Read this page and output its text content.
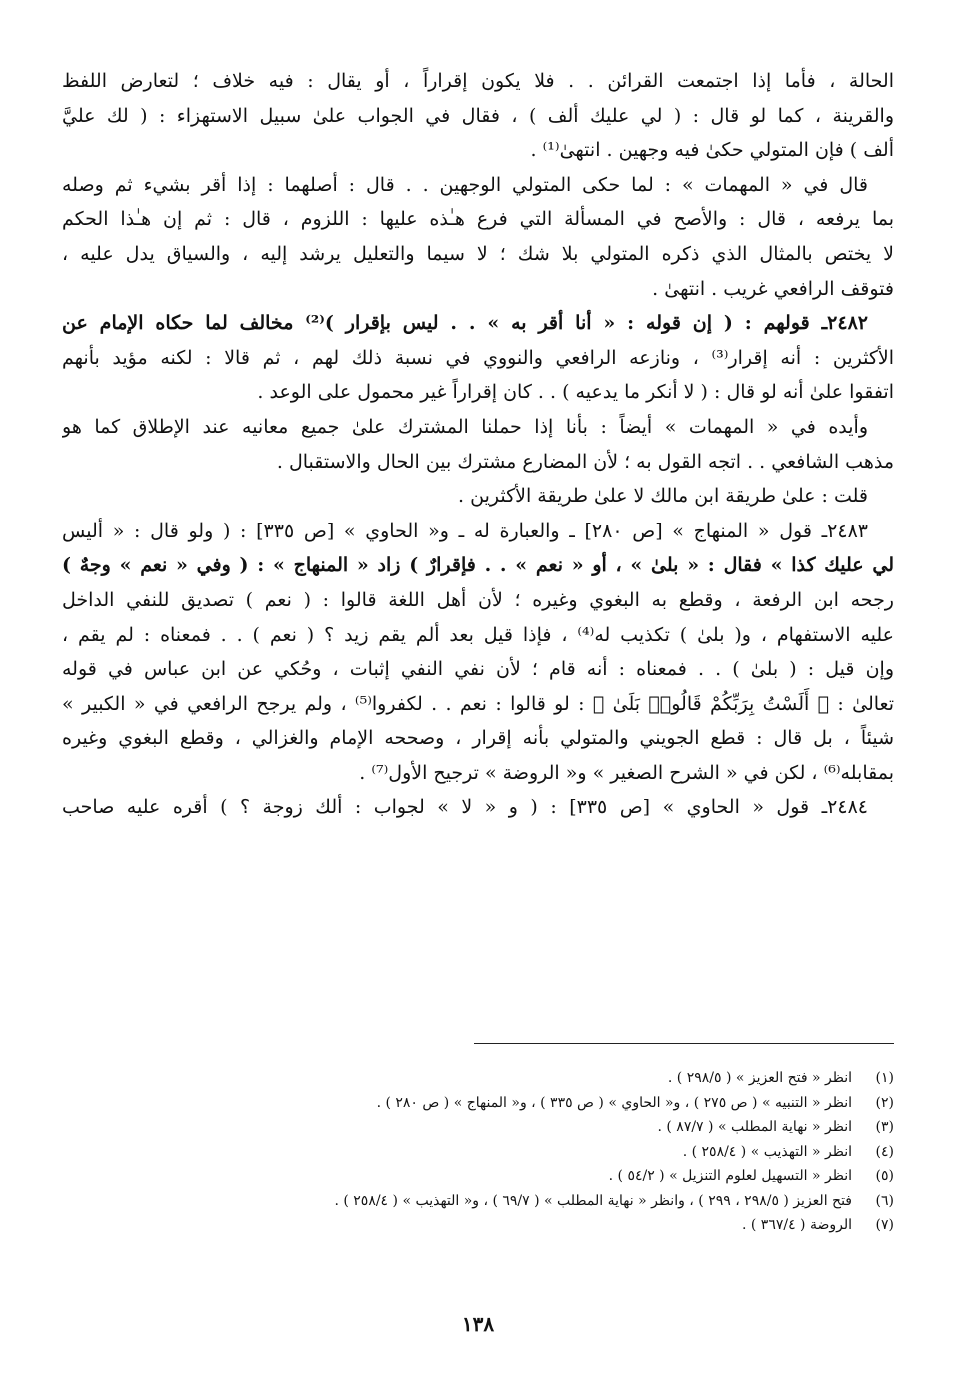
الحالة ، فأما إذا اجتمعت القرائن . . فلا يكون إقراراً ، أو يقال : فيه خلاف ؛ لتعارض اللفظ
والقرينة ، كما لو قال : ( لي عليك ألف ) ، فقال في الجواب علىٰ سبيل الاستهزاء : ( لك عليَّ
ألف ) فإن المتولي حكىٰ فيه وجهين . انتهىٰ⁽¹⁾ .
قال في « المهمات » : لما حكى المتولي الوجهين . . قال : أصلهما : إذا أقر بشيء ثم وصله
بما يرفعه ، قال : والأصح في المسألة التي فرع هـٰذه عليها : اللزوم ، قال : ثم إن هـٰذا الحكم
لا يختص بالمثال الذي ذكره المتولي بلا شك ؛ لا سيما والتعليل يرشد إليه ، والسياق يدل عليه ،
فتوقف الرافعي غريب . انتهىٰ .
٢٤٨٢ـ قولهم : ( إن قوله : « أنا أقر به » . . ليس بإقرار )⁽²⁾ مخالف لما حكاه الإمام عن
الأكثرين : أنه إقرار⁽³⁾ ، ونازعه الرافعي والنووي في نسبة ذلك لهم ، ثم قالا : لكنه مؤيد بأنهم
اتفقوا علىٰ أنه لو قال : ( لا أنكر ما يدعيه ) . . كان إقراراً غير محمول على الوعد .
وأيده في « المهمات » أيضاً : بأنا إذا حملنا المشترك علىٰ جميع معانيه عند الإطلاق كما هو
مذهب الشافعي . . اتجه القول به ؛ لأن المضارع مشترك بين الحال والاستقبال .
قلت : علىٰ طريقة ابن مالك لا علىٰ طريقة الأكثرين .
٢٤٨٣ـ قول « المنهاج » [ص ٢٨٠] ـ والعبارة له ـ و« الحاوي » [ص ٣٣٥] : ( ولو قال : « أليس
لي عليك كذا » فقال : « بلىٰ » ، أو « نعم » . . فإقرارٌ ) زاد « المنهاج » : ( وفي « نعم » وجهٌ )
رجحه ابن الرفعة ، وقطع به البغوي وغيره ؛ لأن أهل اللغة قالوا : ( نعم ) تصديق للنفي الداخل
عليه الاستفهام ، و( بلىٰ ) تكذيب له⁽⁴⁾ ، فإذا قيل بعد ألم يقم زيد ؟ ( نعم ) . . فمعناه : لم يقم ،
وإن قيل : ( بلىٰ ) . . فمعناه : أنه قام ؛ لأن نفي النفي إثبات ، وحُكي عن ابن عباس في قوله
تعالىٰ : ﴿ أَلَسْتُ بِرَبِّكُمْ قَالُوا۟ بَلَىٰ ﴾ : لو قالوا : نعم . . لكفروا⁽⁵⁾ ، ولم يرجح الرافعي في « الكبير »
شيئاً ، بل قال : قطع الجويني والمتولي بأنه إقرار ، وصححه الإمام والغزالي ، وقطع البغوي وغيره
بمقابله⁽⁶⁾ ، لكن في « الشرح الصغير » و« الروضة » ترجيح الأول⁽⁷⁾ .
٢٤٨٤ـ قول « الحاوي » [ص ٣٣٥] : ( و « لا » لجواب : ألك زوجة ؟ ) أقره عليه صاحب
(١)
انظر « فتح العزيز » ( ٢٩٨/٥ ) .
(٢)
انظر « التنبيه » ( ص ٢٧٥ ) ، و« الحاوي » ( ص ٣٣٥ ) ، و« المنهاج » ( ص ٢٨٠ ) .
(٣)
انظر « نهاية المطلب » ( ٨٧/٧ ) .
(٤)
انظر « التهذيب » ( ٢٥٨/٤ ) .
(٥)
انظر « التسهيل لعلوم التنزيل » ( ٥٤/٢ ) .
(٦)
فتح العزيز ( ٢٩٨/٥ ، ٢٩٩ ) ، وانظر « نهاية المطلب » ( ٦٩/٧ ) ، و« التهذيب » ( ٢٥٨/٤ ) .
(٧)
الروضة ( ٣٦٧/٤ ) .
١٣٨
